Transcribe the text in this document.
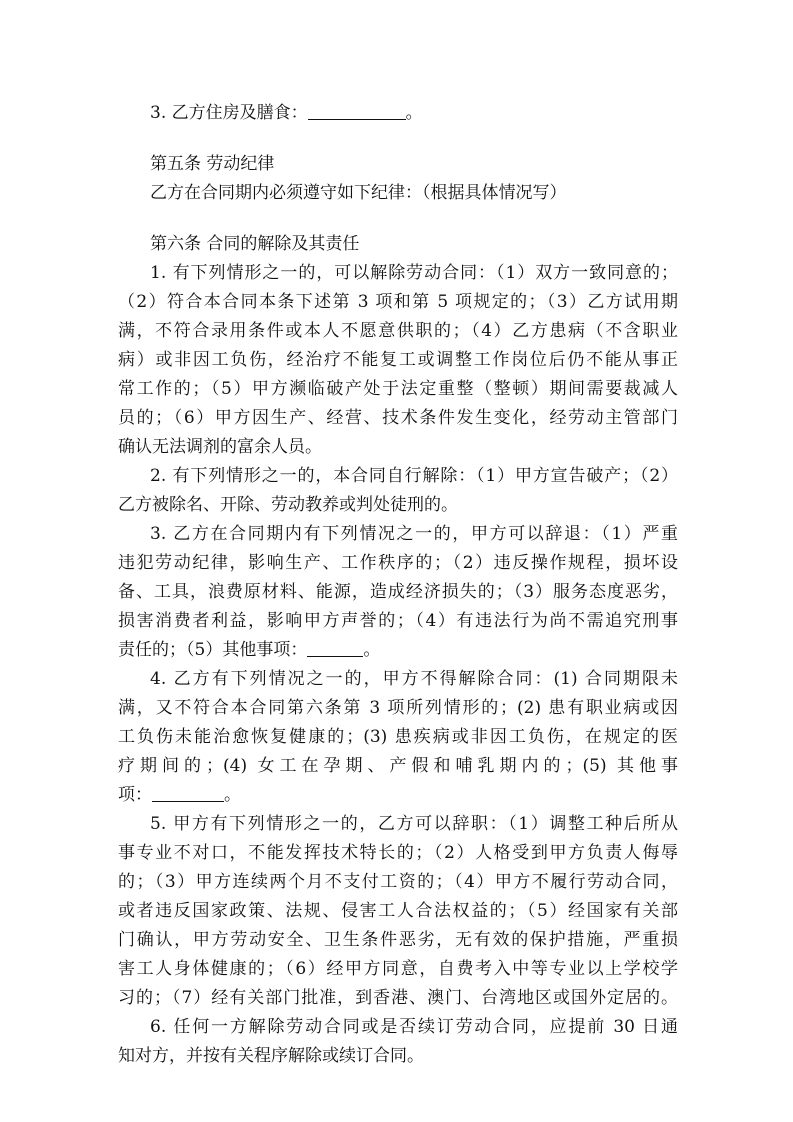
3. 乙方住房及膳食：	。
第五条 劳动纪律
乙方在合同期内必须遵守如下纪律：（根据具体情况写）
第六条 合同的解除及其责任
1. 有下列情形之一的，可以解除劳动合同：（1）双方一致同意的；
（2）符合本合同本条下述第 3 项和第 5 项规定的；（3）乙方试用期
满，不符合录用条件或本人不愿意供职的；（4）乙方患病（不含职业
病）或非因工负伤，经治疗不能复工或调整工作岗位后仍不能从事正
常工作的；（5）甲方濒临破产处于法定重整（整顿）期间需要裁减人
员的；（6）甲方因生产、经营、技术条件发生变化，经劳动主管部门
确认无法调剂的富余人员。
2. 有下列情形之一的，本合同自行解除：（1）甲方宣告破产；（2）
乙方被除名、开除、劳动教养或判处徒刑的。
3. 乙方在合同期内有下列情况之一的，甲方可以辞退：（1）严重
违犯劳动纪律，影响生产、工作秩序的；（2）违反操作规程，损坏设
备、工具，浪费原材料、能源，造成经济损失的；（3）服务态度恶劣，
损害消费者利益，影响甲方声誉的；（4）有违法行为尚不需追究刑事
责任的；（5）其他事项：	。
4. 乙方有下列情况之一的，甲方不得解除合同：(1) 合同期限未
满，又不符合本合同第六条第 3 项所列情形的；(2) 患有职业病或因
工负伤未能治愈恢复健康的；(3) 患疾病或非因工负伤，在规定的医
疗期间的；(4) 女工在孕期、产假和哺乳期内的；(5) 其他事
项：	。
5. 甲方有下列情形之一的，乙方可以辞职：（1）调整工种后所从
事专业不对口，不能发挥技术特长的；（2）人格受到甲方负责人侮辱
的；（3）甲方连续两个月不支付工资的；（4）甲方不履行劳动合同，
或者违反国家政策、法规、侵害工人合法权益的；（5）经国家有关部
门确认，甲方劳动安全、卫生条件恶劣，无有效的保护措施，严重损
害工人身体健康的；（6）经甲方同意，自费考入中等专业以上学校学
习的；（7）经有关部门批准，到香港、澳门、台湾地区或国外定居的。
6. 任何一方解除劳动合同或是否续订劳动合同，应提前 30 日通
知对方，并按有关程序解除或续订合同。
